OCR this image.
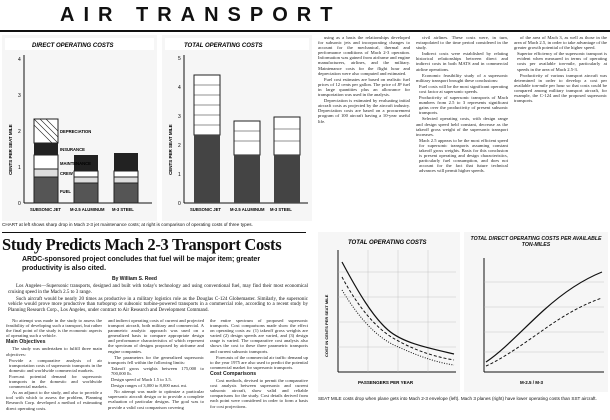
AIR TRANSPORT
DIRECT OPERATING COSTS
CENTS PER SEAT MILE
0
1
2
3
4
DEPRECIATION
INSURANCE
MAINTENANCE
CREW
FUEL
SUBSONIC JET M-2.5 ALUMINUM M-3 STEEL
TOTAL OPERATING COSTS
CENTS PER SEAT MILE
0
1
2
3
4
5
SUBSONIC JET M-2.5 ALUMINUM M-3 STEEL
CHART at left shows sharp drop in Mach 2-3 jet maintenance costs; at right is comparison of operating costs of three types.

using as a basis the relationships developed for subsonic jets and incorporating changes to account for the mechanical, thermal and performance conditions of Mach 2-3 operation. Information was gained from airframe and engine manufacturers, airlines, and the military. Maintenance costs for the flight hour and depreciation were also computed and estimated.

Fuel cost estimates are based on realistic fuel prices of 12 cents per gallon. The price of JP fuel in large quantities plus an allowance for transportation was used in the analysis.

Depreciation is estimated by evaluating initial aircraft costs as projected by the aircraft industry. Depreciation costs are based on a procurement program of 100 aircraft having a 10-year useful life.

civil airlines. These costs were, in turn, extrapolated to the time period considered in the study.

Indirect costs were established by relating historical relationships between direct and indirect costs in both MATS and in commercial airline operations.

Economic feasibility study of a supersonic military transport brought these conclusions:

Fuel costs will be the most significant operating cost factor at supersonic speeds.

Productivity of supersonic transports of Mach numbers from 2.5 to 3 represents significant gains over the productivity of present subsonic transports.

Selected operating costs, with design range and design speed held constant, decrease as the takeoff gross weight of the supersonic transport increases.

Mach 2.5 appears to be the most efficient speed for supersonic transports assuming constant takeoff gross weights. Basis for this conclusion is present operating and design characteristics, particularly fuel consumption, and does not account for the fact that future technical advances will permit higher speeds.

of the area of Mach 3, as well as those in the area of Mach 2.5, in order to take advantage of the greater growth potential of the higher speed.

Superior efficiency of the supersonic transport is evident when measured in terms of operating costs per available ton-mile, particularly at speeds in the area of Mach 2.5-3.

Productivity of various transport aircraft was determined in order to develop a cost per available ton-mile per hour so that costs could be compared among military transport aircraft, for example, the C-124 and the proposed supersonic transports.

Study Predicts Mach 2-3 Transport Costs
ARDC-sponsored project concludes that fuel will be major item; greater productivity is also cited.
By William S. Reed

Los Angeles—Supersonic transports, designed and built with today's technology and using conventional fuel, may find their most economical cruising speed in the Mach 2.5 to 3 range.

Such aircraft would be nearly 20 times as productive in a military logistics role as the Douglas C-124 Globemaster. Similarly, the supersonic vehicle would prove more productive than turboprop or subsonic turbine-powered transports in a commercial role, according to a recent study by Planning Research Corp., Los Angeles, under contract to Air Research and Development Command.

No attempt was made in the study to assess the feasibility of developing such a transport, but rather the final point of the study is the economic aspects of operating such a vehicle.

Main Objectives

The study was undertaken to fulfill three main objectives:

Provide a comparative analysis of air transportation costs of supersonic transports in the domestic and worldwide commercial markets.

Forecast potential demand for supersonic transports in the domestic and worldwide commercial markets.

As an adjunct to the study, and also to provide a tool with which to assess the problem, Planning Research Corp. developed a method of estimating direct operating costs.

and indirect operating costs of current and projected transport aircraft, both military and commercial. A parametric analytic approach was used on a generalized basis to compare appropriate design and performance characteristics of which represent the spectrum of designs proposed by airframe and engine companies.

The parameters for the generalized supersonic transports fell within the following limits:

Takeoff gross weights between 175,000 to 700,000 lb.

Design speed of Mach 1.5 to 3.5.

Design ranges of 3,000 to 8,000 naut. mi.

No attempt was made to optimize a particular supersonic aircraft design or to provide a complete evaluation of particular designs. The goal was to provide a valid cost comparison covering

the entire spectrum of proposed supersonic transports. Cost comparisons made show the effect on operating costs as: (1) takeoff gross weights are varied (2) design speeds are varied, and (3) design range is varied. The comparative cost analysis also shows the cost to these three parametric transports and current subsonic transports.

Forecasts of the commercial air traffic demand up to the year 1975 are also used to predict the potential commercial market for supersonic transports.

Cost Comparisons

Cost methods, devised to permit the comparative cost analysis between supersonic and current subsonic aircraft, show valid and reliable comparisons for the study. Cost details derived from each point were considered in order to form a basis for cost projections.

TOTAL OPERATING COSTS
COST IN CENTS PER SEAT MILE
PASSENGERS PER YEAR
TOTAL DIRECT OPERATING COSTS PER AVAILABLE TON-MILES
M-2.5 / M-3
SEAT MILE costs drop when plane gets into Mach 2-3 envelope (left). Mach 3 planes (right) have lower operating costs than SST aircraft.
